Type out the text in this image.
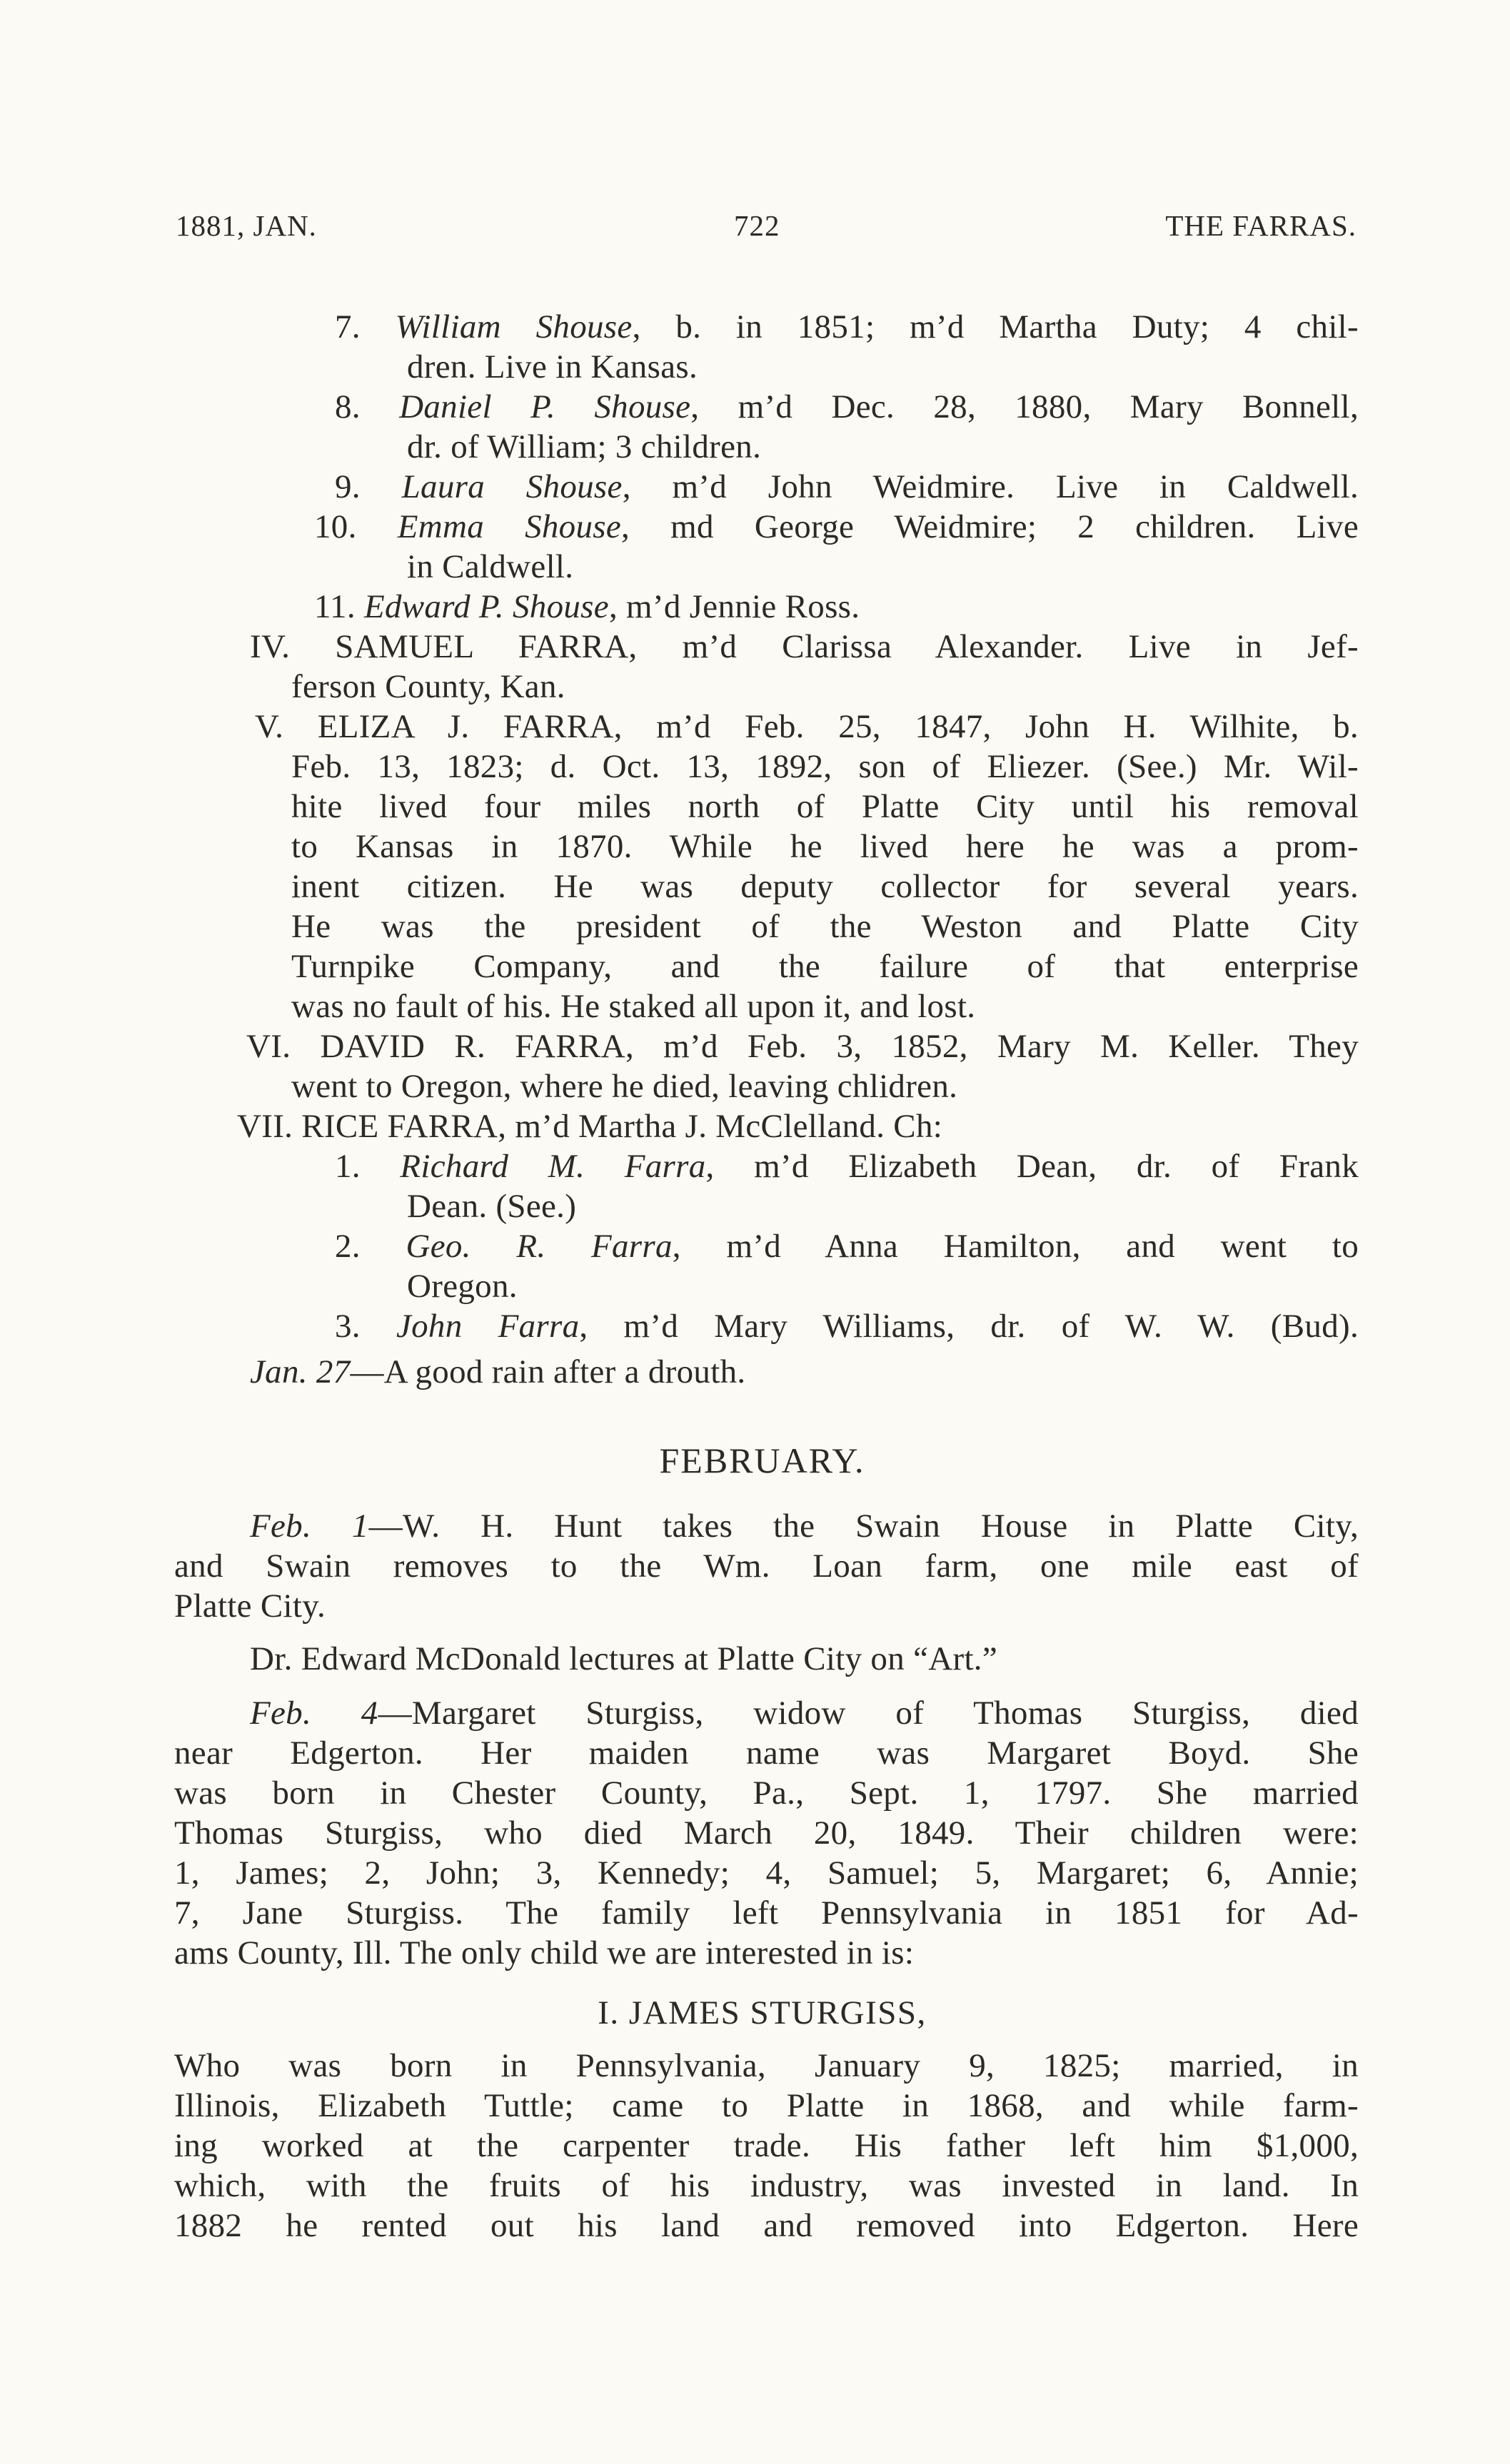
1881, JAN.	722	THE FARRAS.
7. William Shouse, b. in 1851; m’d Martha Duty; 4 chil-
dren. Live in Kansas.
8. Daniel P. Shouse, m’d Dec. 28, 1880, Mary Bonnell,
dr. of William; 3 children.
9. Laura Shouse, m’d John Weidmire. Live in Caldwell.
10. Emma Shouse, md George Weidmire; 2 children. Live
in Caldwell.
11. Edward P. Shouse, m’d Jennie Ross.
IV. SAMUEL FARRA, m’d Clarissa Alexander. Live in Jef-
ferson County, Kan.
V. ELIZA J. FARRA, m’d Feb. 25, 1847, John H. Wilhite, b.
Feb. 13, 1823; d. Oct. 13, 1892, son of Eliezer. (See.) Mr. Wil-
hite lived four miles north of Platte City until his removal
to Kansas in 1870. While he lived here he was a prom-
inent citizen. He was deputy collector for several years.
He was the president of the Weston and Platte City
Turnpike Company, and the failure of that enterprise
was no fault of his. He staked all upon it, and lost.
VI. DAVID R. FARRA, m’d Feb. 3, 1852, Mary M. Keller. They
went to Oregon, where he died, leaving chlidren.
VII. RICE FARRA, m’d Martha J. McClelland. Ch:
1. Richard M. Farra, m’d Elizabeth Dean, dr. of Frank
Dean. (See.)
2. Geo. R. Farra, m’d Anna Hamilton, and went to
Oregon.
3. John Farra, m’d Mary Williams, dr. of W. W. (Bud).
Jan. 27—A good rain after a drouth.
FEBRUARY.
Feb. 1—W. H. Hunt takes the Swain House in Platte City,
and Swain removes to the Wm. Loan farm, one mile east of
Platte City.
Dr. Edward McDonald lectures at Platte City on “Art.”
Feb. 4—Margaret Sturgiss, widow of Thomas Sturgiss, died
near Edgerton. Her maiden name was Margaret Boyd. She
was born in Chester County, Pa., Sept. 1, 1797. She married
Thomas Sturgiss, who died March 20, 1849. Their children were:
1, James; 2, John; 3, Kennedy; 4, Samuel; 5, Margaret; 6, Annie;
7, Jane Sturgiss. The family left Pennsylvania in 1851 for Ad-
ams County, Ill. The only child we are interested in is:
I. JAMES STURGISS,
Who was born in Pennsylvania, January 9, 1825; married, in
Illinois, Elizabeth Tuttle; came to Platte in 1868, and while farm-
ing worked at the carpenter trade. His father left him $1,000,
which, with the fruits of his industry, was invested in land. In
1882 he rented out his land and removed into Edgerton. Here
